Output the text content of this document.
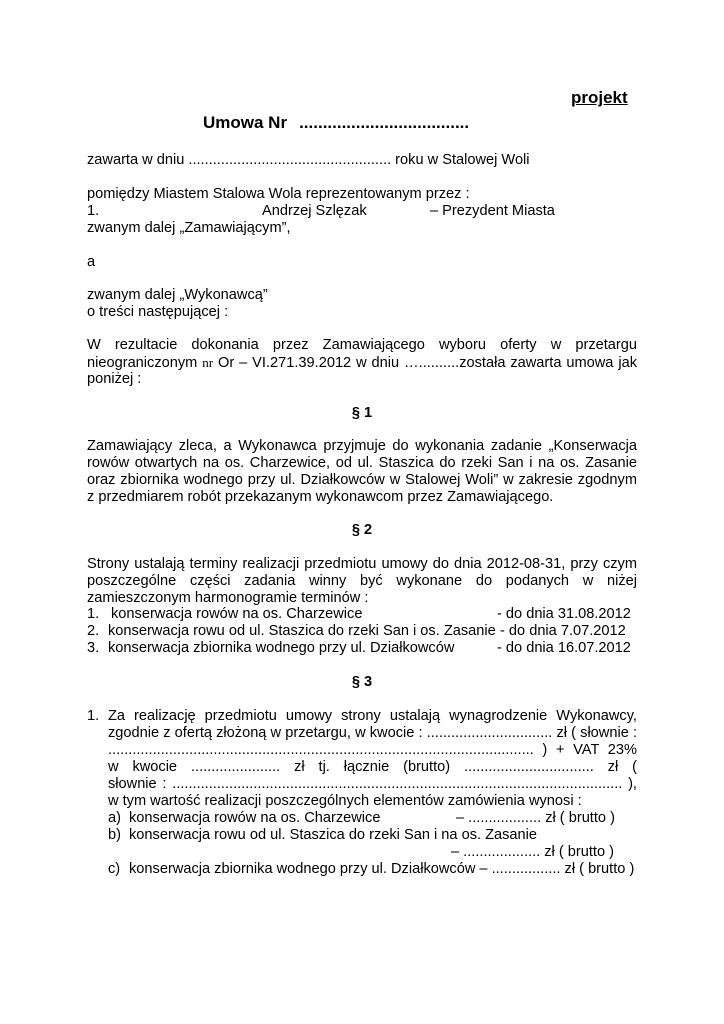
projekt
Umowa Nr ....................................
zawarta w dniu .................................................. roku w Stalowej Woli
pomiędzy Miastem Stalowa Wola reprezentowanym przez :
1.	Andrzej Szlęzak	– Prezydent Miasta
zwanym dalej „Zamawiającym”,
a
zwanym dalej „Wykonawcą”
o treści następującej :
W rezultacie dokonania przez Zamawiającego wyboru oferty w przetargu
nieograniczonym nr Or – VI.271.39.2012 w dniu …..........została zawarta umowa jak
poniżej :
§ 1
Zamawiający zleca, a Wykonawca przyjmuje do wykonania zadanie „Konserwacja
rowów otwartych na os. Charzewice, od ul. Staszica do rzeki San i na os. Zasanie
oraz zbiornika wodnego przy ul. Działkowców w Stalowej Woli” w zakresie zgodnym
z przedmiarem robót przekazanym wykonawcom przez Zamawiającego.
§ 2
Strony ustalają terminy realizacji przedmiotu umowy do dnia 2012-08-31, przy czym
poszczególne części zadania winny być wykonane do podanych w niżej
zamieszczonym harmonogramie terminów :
1. konserwacja rowów na os. Charzewice	- do dnia 31.08.2012
2. konserwacja rowu od ul. Staszica do rzeki San i os. Zasanie - do dnia 7.07.2012
3. konserwacja zbiornika wodnego przy ul. Działkowców	- do dnia 16.07.2012
§ 3
1. Za realizację przedmiotu umowy strony ustalają wynagrodzenie Wykonawcy,
zgodnie z ofertą złożoną w przetargu, w kwocie : ............................... zł ( słownie :
......................................................................................................... ) + VAT 23%
w kwocie ...................... zł tj. łącznie (brutto) ................................ zł (
słownie : ............................................................................................................... ),
w tym wartość realizacji poszczególnych elementów zamówienia wynosi :
a) konserwacja rowów na os. Charzewice	– .................. zł ( brutto )
b) konserwacja rowu od ul. Staszica do rzeki San i na os. Zasanie
– ................... zł ( brutto )
c) konserwacja zbiornika wodnego przy ul. Działkowców – ................. zł ( brutto )
